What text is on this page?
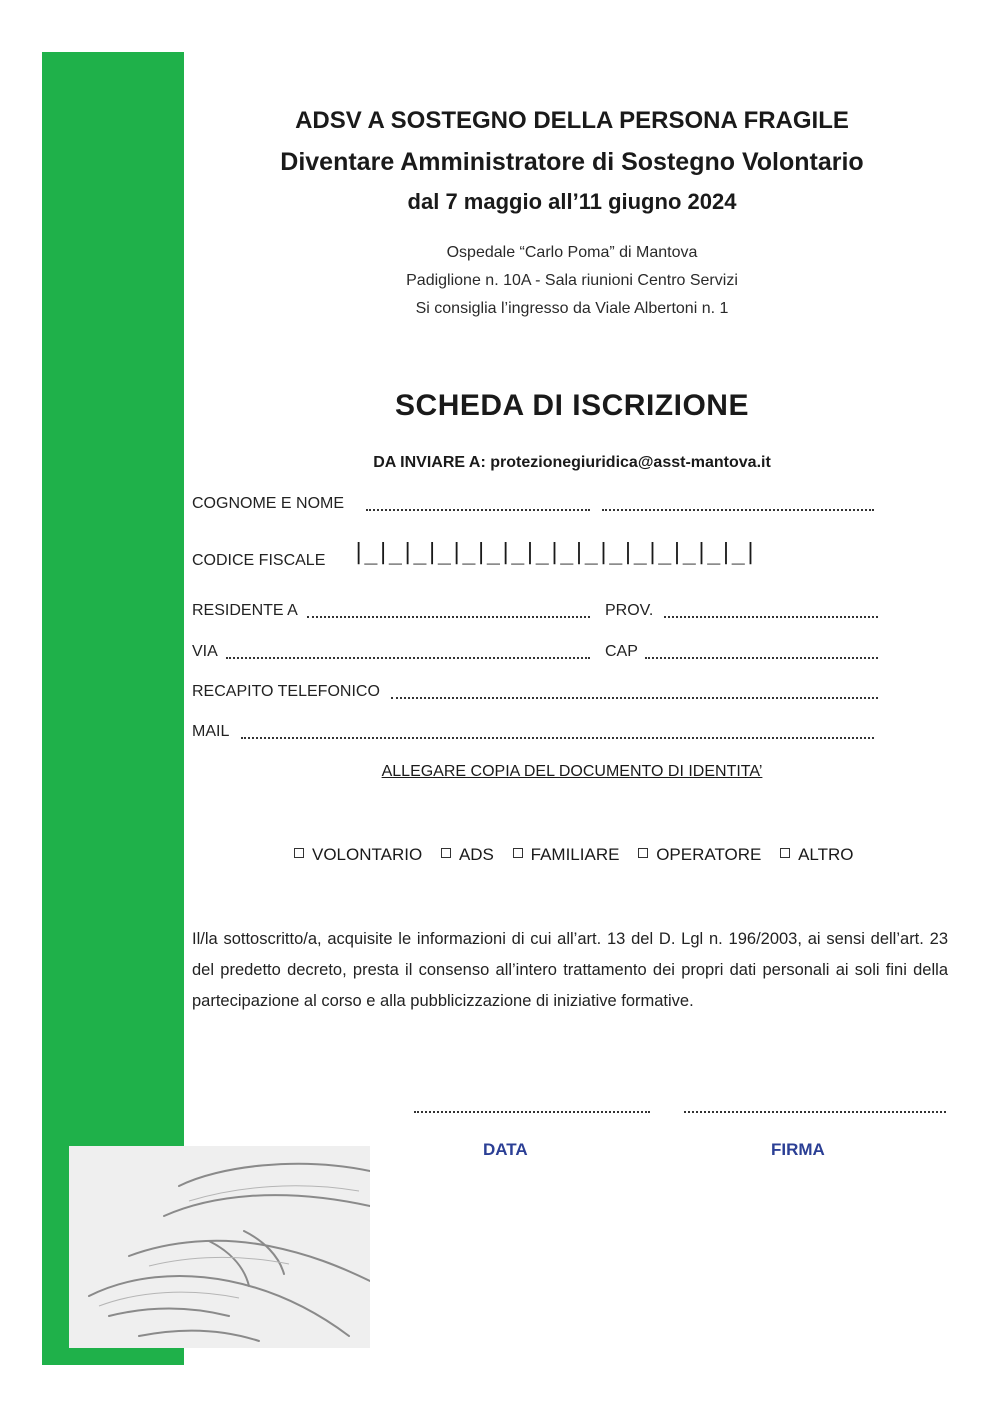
ADSV A SOSTEGNO DELLA PERSONA FRAGILE
Diventare Amministratore di Sostegno Volontario
dal 7 maggio all’11 giugno 2024
Ospedale “Carlo Poma” di Mantova
Padiglione n. 10A - Sala riunioni Centro Servizi
Si consiglia l’ingresso da Viale Albertoni n. 1
SCHEDA DI ISCRIZIONE
DA INVIARE A: protezionegiuridica@asst-mantova.it
COGNOME E NOME
CODICE FISCALE |_|_|_|_|_|_|_|_|_|_|_|_|_|_|_|_|
RESIDENTE A	PROV.
VIA	CAP
RECAPITO TELEFONICO
MAIL
ALLEGARE COPIA DEL DOCUMENTO DI IDENTITA’
VOLONTARIO ADS FAMILIARE OPERATORE ALTRO
Il/la sottoscritto/a, acquisite le informazioni di cui all’art. 13 del D. Lgl n. 196/2003, ai sensi dell’art. 23 del predetto decreto, presta il consenso all’intero trattamento dei propri dati personali ai soli fini della partecipazione al corso e alla pubblicizzazione di iniziative formative.
DATA	FIRMA
